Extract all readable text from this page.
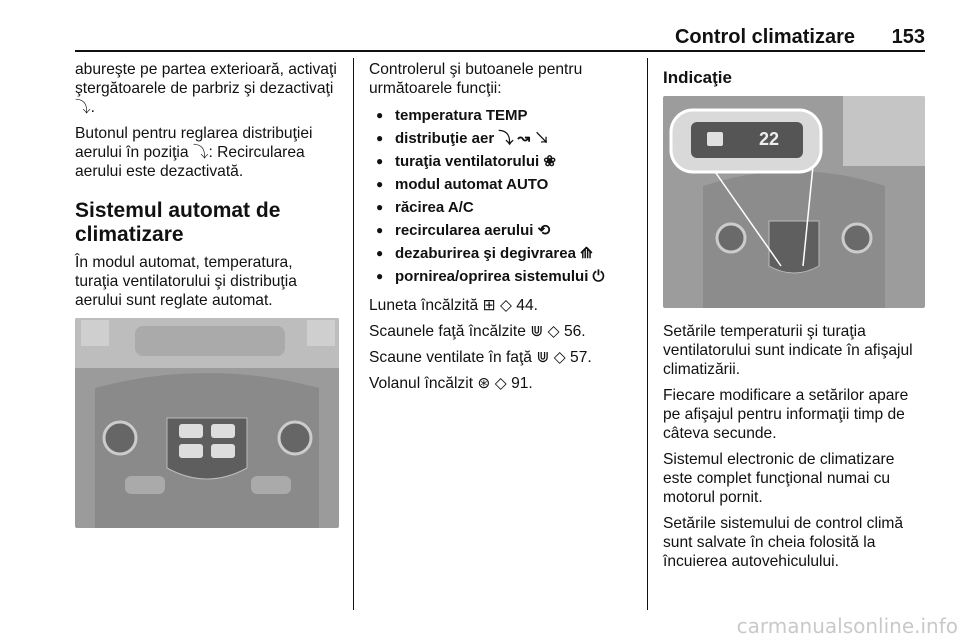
Control climatizare 153

abureşte pe partea exterioară, activaţi ştergătoarele de parbriz şi dezactivaţi ⤵.

Butonul pentru reglarea distribuţiei aerului în poziţia ⤵: Recircularea aerului este dezactivată.

Sistemul automat de climatizare

În modul automat, temperatura, turaţia ventilatorului şi distribuţia aerului sunt reglate automat.

Controlerul şi butoanele pentru următoarele funcţii:

● temperatura TEMP
● distribuţie aer ⤵ ↝ ↘
● turaţia ventilatorului ❀
● modul automat AUTO
● răcirea A/C
● recircularea aerului ⟲
● dezaburirea şi degivrarea ⟰
● pornirea/oprirea sistemului ⏻

Luneta încălzită ⊞ ◇ 44.

Scaunele faţă încălzite ⋓ ◇ 56.

Scaune ventilate în faţă ⋓ ◇ 57.

Volanul încălzit ⊛ ◇ 91.

Indicaţie
22

Setările temperaturii şi turaţia ventilatorului sunt indicate în afişajul climatizării.

Fiecare modificare a setărilor apare pe afişajul pentru informaţii timp de câteva secunde.

Sistemul electronic de climatizare este complet funcţional numai cu motorul pornit.

Setările sistemului de control climă sunt salvate în cheia folosită la încuierea autovehiculului.

carmanualsonline.info
